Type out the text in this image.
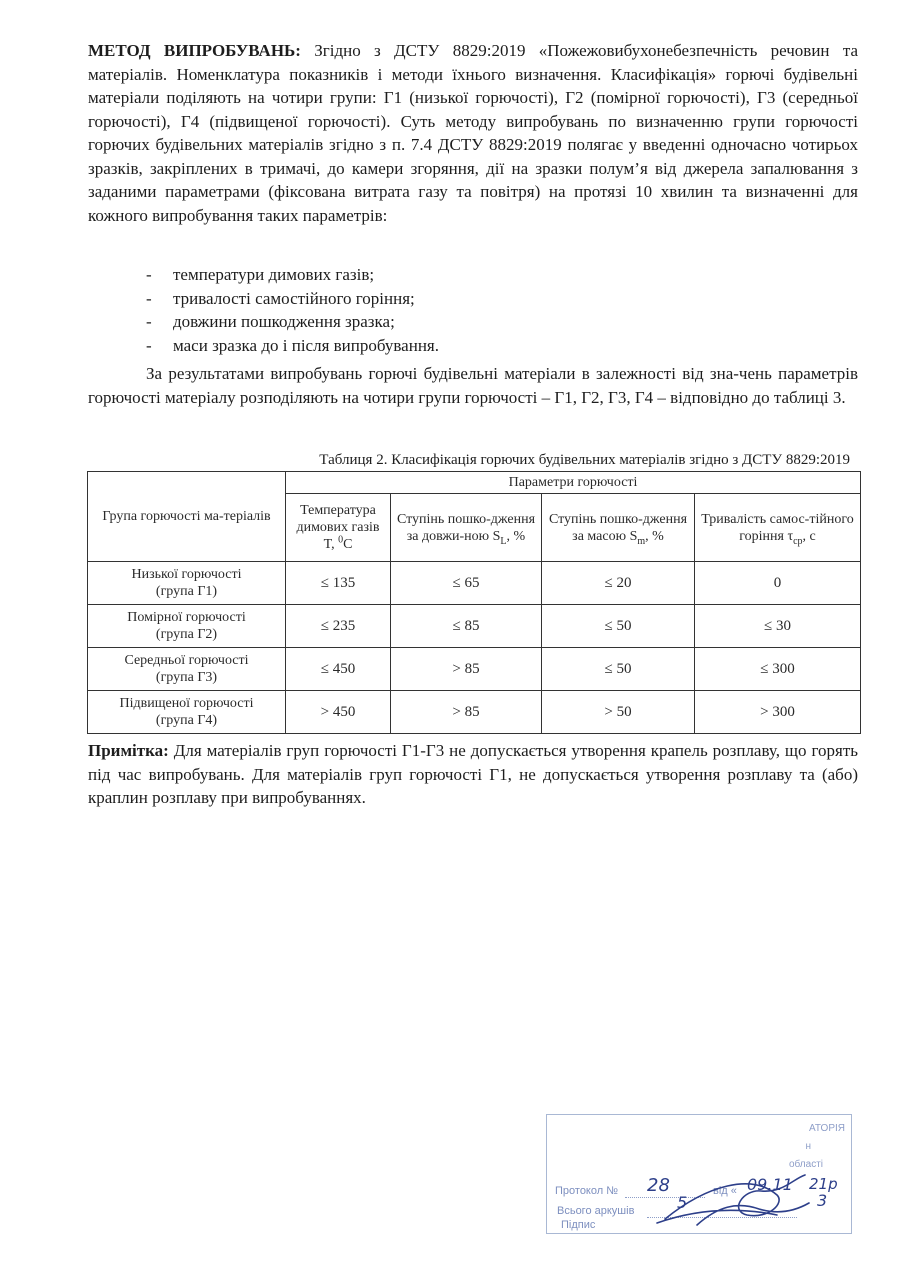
МЕТОД ВИПРОБУВАНЬ: Згідно з ДСТУ 8829:2019 «Пожежовибухонебезпечність речовин та матеріалів. Номенклатура показників і методи їхнього визначення. Класифікація» горючі будівельні матеріали поділяють на чотири групи: Г1 (низької горючості), Г2 (помірної горючості), Г3 (середньої горючості), Г4 (підвищеної горючості). Суть методу випробувань по визначенню групи горючості горючих будівельних матеріалів згідно з п. 7.4 ДСТУ 8829:2019 полягає у введенні одночасно чотирьох зразків, закріплених в тримачі, до камери згоряння, дії на зразки полум’я від джерела запалювання з заданими параметрами (фіксована витрата газу та повітря) на протязі 10 хвилин та визначенні для кожного випробування таких параметрів:

- температури димових газів;
- тривалості самостійного горіння;
- довжини пошкодження зразка;
- маси зразка до і після випробування.

За результатами випробувань горючі будівельні матеріали в залежності від зна-чень параметрів горючості матеріалу розподіляють на чотири групи горючості – Г1, Г2, Г3, Г4 – відповідно до таблиці 3.

Таблиця 2. Класифікація горючих будівельних матеріалів згідно з ДСТУ 8829:2019
Група горючості ма-теріалів	Параметри горючості			
	Температура димових газів T, $^0$C	Ступінь пошко-дження за довжи-ною $S_L$, %	Ступінь пошко-дження за масою $S_m$, %	Тривалість самос-тійного горіння $\tau_{ср}$, с
Низької горючості
(група Г1)	≤ 135	≤ 65	≤ 20	0
Помірної горючості
(група Г2)	≤ 235	≤ 85	≤ 50	≤ 30
Середньої горючості
(група Г3)	≤ 450	> 85	≤ 50	≤ 300
Підвищеної горючості
(група Г4)	> 450	> 85	> 50	> 300

Примітка: Для матеріалів груп горючості Г1-Г3 не допускається утворення крапель розплаву, що горять під час випробувань. Для матеріалів груп горючості Г1, не допускається утворення розплаву та (або) краплин розплаву при випробуваннях.

АТОРІЯ
н
області
Протокол № 28	від « 09.11 21р
Всього аркушів	5	3
Підпис
